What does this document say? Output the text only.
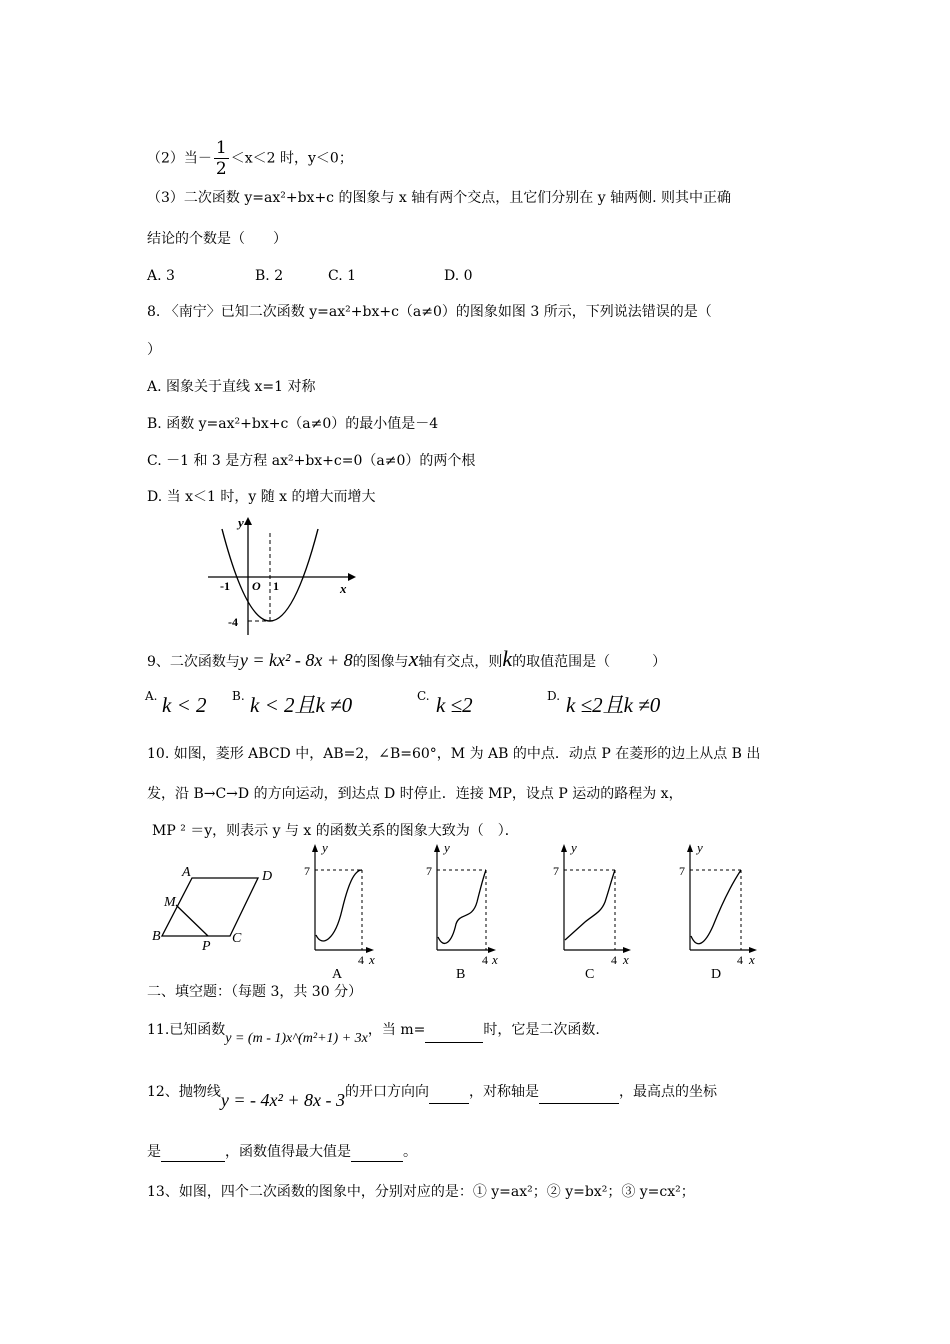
（2）当－ $\frac{1}{2} <x<2$ 时，y＜0；
（3）二次函数 y=ax²+bx+c 的图象与 x 轴有两个交点，且它们分别在 y 轴两侧. 则其中正确
结论的个数是（　　）
A. 3	B. 2	C. 1	D. 0
8. 〈南宁〉已知二次函数 y=ax²+bx+c（a≠0）的图象如图 3 所示，下列说法错误的是（
）
A. 图象关于直线 x=1 对称
B. 函数 y=ax²+bx+c（a≠0）的最小值是－4
C. －1 和 3 是方程 ax²+bx+c=0（a≠0）的两个根
D. 当 x＜1 时，y 随 x 的增大而增大
y
x
O
-1	1
-4
9、二次函数与y = kx² - 8x + 8的图像与x轴有交点，则k的取值范围是（　　　）
A. k < 2 B. k < 2且k ≠0	C. k ≤2	D. k ≤2且k ≠0
10. 如图，菱形 ABCD 中，AB=2，∠B=60°，M 为 AB 的中点．动点 P 在菱形的边上从点 B 出
发，沿 B→C→D 的方向运动，到达点 D 时停止．连接 MP，设点 P 运动的路程为 x，
MP ² ＝y，则表示 y 与 x 的函数关系的图象大致为（　）．
A	D
M
B
P
C
y
7
4 x
A
y
7
4 x
B
y
7
4 x
C
y
7
4 x
D
二、填空题：（每题 3，共 30 分）
11.已知函数y = (m - 1)x^(m²+1) + 3x，当 m=	时，它是二次函数.
12、抛物线y = - 4x² + 8x - 3的开口方向向	，对称轴是	，最高点的坐标
是	，函数值得最大值是	。
13、如图，四个二次函数的图象中，分别对应的是：① y=ax²；② y=bx²；③ y=cx²；
